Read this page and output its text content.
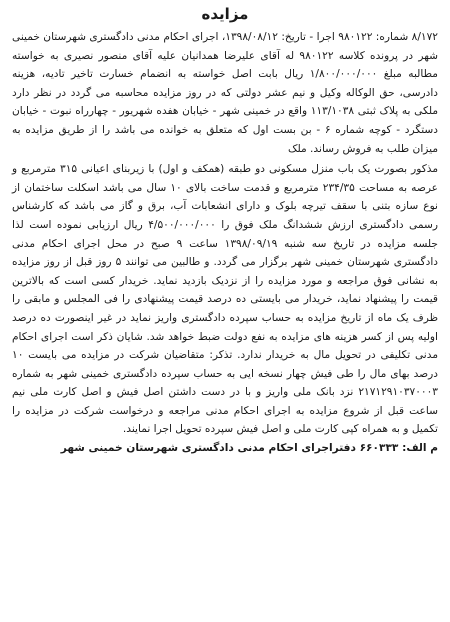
مزایده

۸/۱۷۲ شماره: ۹۸۰۱۲۲ اجرا - تاریخ: ۱۳۹۸/۰۸/۱۲، اجرای احکام مدنی دادگستری شهرستان خمینی شهر در پرونده کلاسه ۹۸۰۱۲۲ له آقای علیرضا همدانیان علیه آقای منصور نصیری به خواسته مطالبه مبلغ ۱/۸۰۰/۰۰۰/۰۰۰ ریال بابت اصل خواسته به انضمام خسارت تاخیر تادیه، هزینه دادرسی، حق الوکاله وکیل و نیم عشر دولتی که در روز مزایده محاسبه می گردد در نظر دارد ملکی به پلاک ثبتی ۱۱۳/۱۰۳۸ واقع در خمینی شهر - خیابان هفده شهریور - چهارراه نبوت - خیابان دستگرد - کوچه شماره ۶ - بن بست اول که متعلق به خوانده می باشد را از طریق مزایده به میزان طلب به فروش رساند. ملک

مذکور بصورت یک باب منزل مسکونی دو طبقه (همکف و اول) با زیربنای اعیانی ۳۱۵ مترمربع و عرصه به مساحت ۲۳۴/۳۵ مترمربع و قدمت ساخت بالای ۱۰ سال می باشد اسکلت ساختمان از نوع سازه بتنی با سقف تیرچه بلوک و دارای انشعابات آب، برق و گاز می باشد که کارشناس رسمی دادگستری ارزش ششدانگ ملک فوق را ۴/۵۰۰/۰۰۰/۰۰۰ ریال ارزیابی نموده است لذا جلسه مزایده در تاریخ سه شنبه ۱۳۹۸/۰۹/۱۹ ساعت ۹ صبح در محل اجرای احکام مدنی دادگستری شهرستان خمینی شهر برگزار می گردد. و طالبین می توانند ۵ روز قبل از روز مزایده به نشانی فوق مراجعه و مورد مزایده را از نزدیک بازدید نماید. خریدار کسی است که بالاترین قیمت را پیشنهاد نماید، خریدار می بایستی ده درصد قیمت پیشنهادی را فی المجلس و مابقی را ظرف یک ماه از تاریخ مزایده به حساب سپرده دادگستری واریز نماید در غیر اینصورت ده درصد اولیه پس از کسر هزینه های مزایده به نفع دولت ضبط خواهد شد. شایان ذکر است اجرای احکام مدنی تکلیفی در تحویل مال به خریدار ندارد. تذکر: متقاضیان شرکت در مزایده می بایست ۱۰ درصد بهای مال را طی فیش چهار نسخه ایی به حساب سپرده دادگستری خمینی شهر به شماره ۲۱۷۱۲۹۱۰۳۷۰۰۰۳ نزد بانک ملی واریز و با در دست داشتن اصل فیش و اصل کارت ملی نیم ساعت قبل از شروع مزایده به اجرای احکام مدنی مراجعه و درخواست شرکت در مزایده را تکمیل و به همراه کپی کارت ملی و اصل فیش سپرده تحویل اجرا نمایند.

م الف: ۶۶۰۳۳۳ دفتراجرای احکام مدنی دادگستری شهرستان خمینی شهر
